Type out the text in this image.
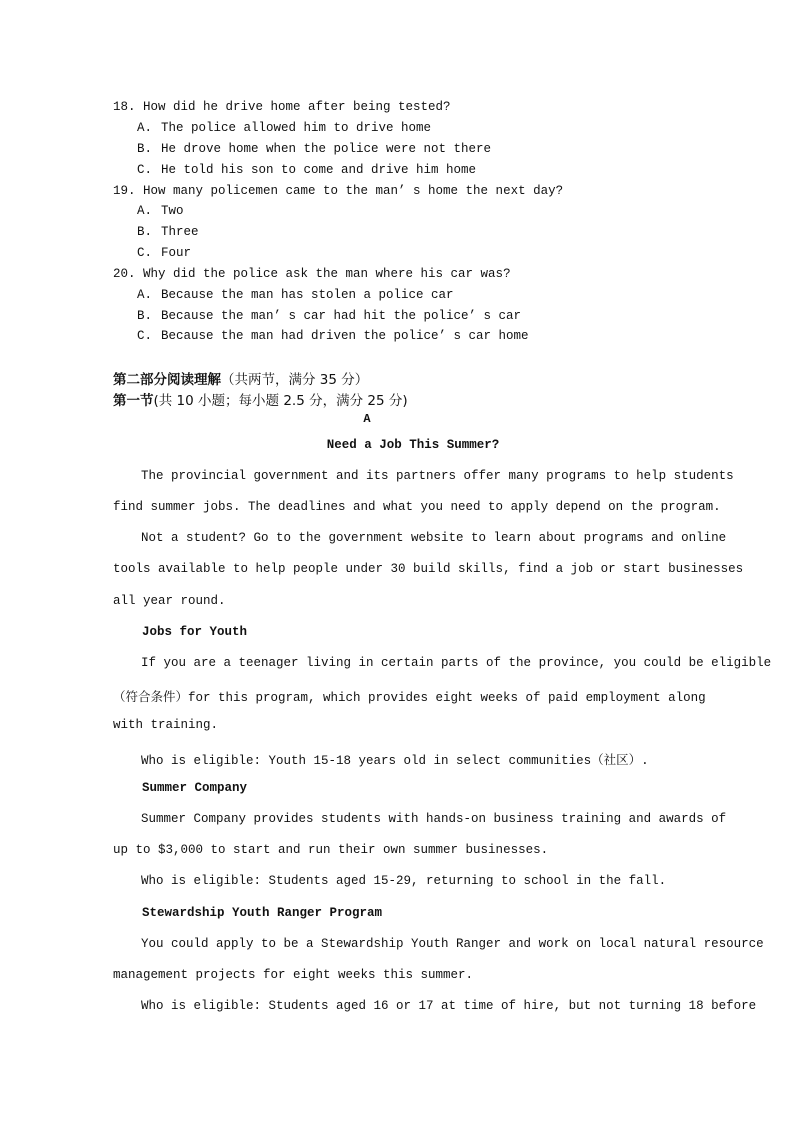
18. How did he drive home after being tested?
A. The police allowed him to drive home
B. He drove home when the police were not there
C. He told his son to come and drive him home
19. How many policemen came to the man’ s home the next day?
A. Two
B. Three
C. Four
20. Why did the police ask the man where his car was?
A. Because the man has stolen a police car
B. Because the man’ s car had hit the police’ s car
C. Because the man had driven the police’ s car home
第二部分阅读理解（共两节，满分 35 分）
第一节(共 10 小题；每小题 2.5 分，满分 25 分)
A
Need a Job This Summer?
The provincial government and its partners offer many programs to help students
find summer jobs. The deadlines and what you need to apply depend on the program.
Not a student? Go to the government website to learn about programs and online
tools available to help people under 30 build skills, find a job or start businesses
all year round.
Jobs for Youth
If you are a teenager living in certain parts of the province, you could be eligible
（符合条件）for this program, which provides eight weeks of paid employment along
with training.
Who is eligible: Youth 15-18 years old in select communities（社区）.
Summer Company
Summer Company provides students with hands-on business training and awards of
up to $3,000 to start and run their own summer businesses.
Who is eligible: Students aged 15-29, returning to school in the fall.
Stewardship Youth Ranger Program
You could apply to be a Stewardship Youth Ranger and work on local natural resource
management projects for eight weeks this summer.
Who is eligible: Students aged 16 or 17 at time of hire, but not turning 18 before
